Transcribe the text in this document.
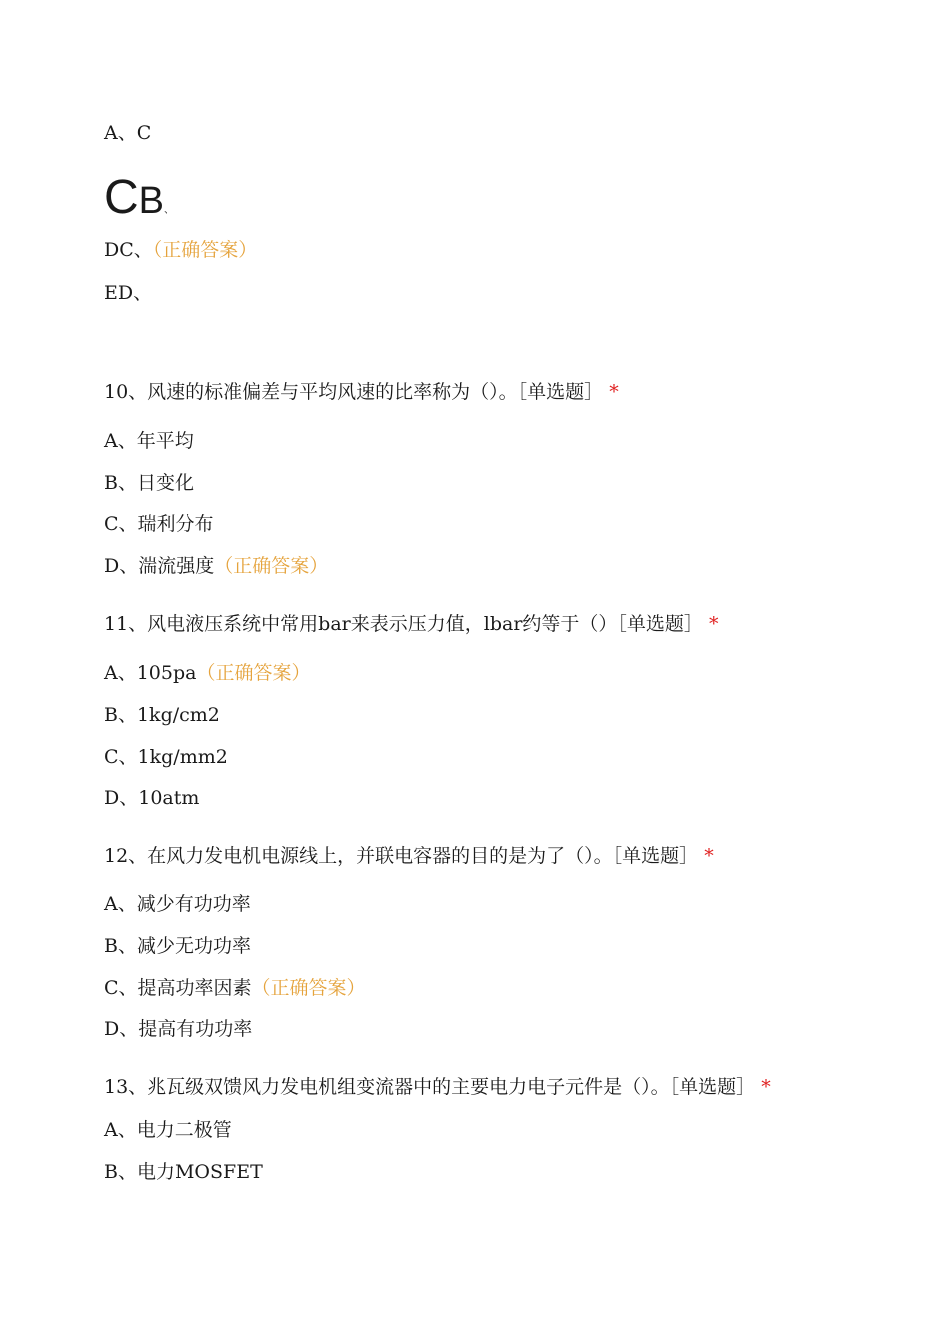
A、C
CB、
DC、（正确答案）
ED、
10、风速的标准偏差与平均风速的比率称为（）。［单选题］ *
A、年平均
B、日变化
C、瑞利分布
D、湍流强度（正确答案）
11、风电液压系统中常用bar来表示压力值，lbar约等于（）［单选题］ *
A、105pa（正确答案）
B、1kg/cm2
C、1kg/mm2
D、10atm
12、在风力发电机电源线上，并联电容器的目的是为了（）。［单选题］ *
A、减少有功功率
B、减少无功功率
C、提高功率因素（正确答案）
D、提高有功功率
13、兆瓦级双馈风力发电机组变流器中的主要电力电子元件是（）。［单选题］ *
A、电力二极管
B、电力MOSFET
